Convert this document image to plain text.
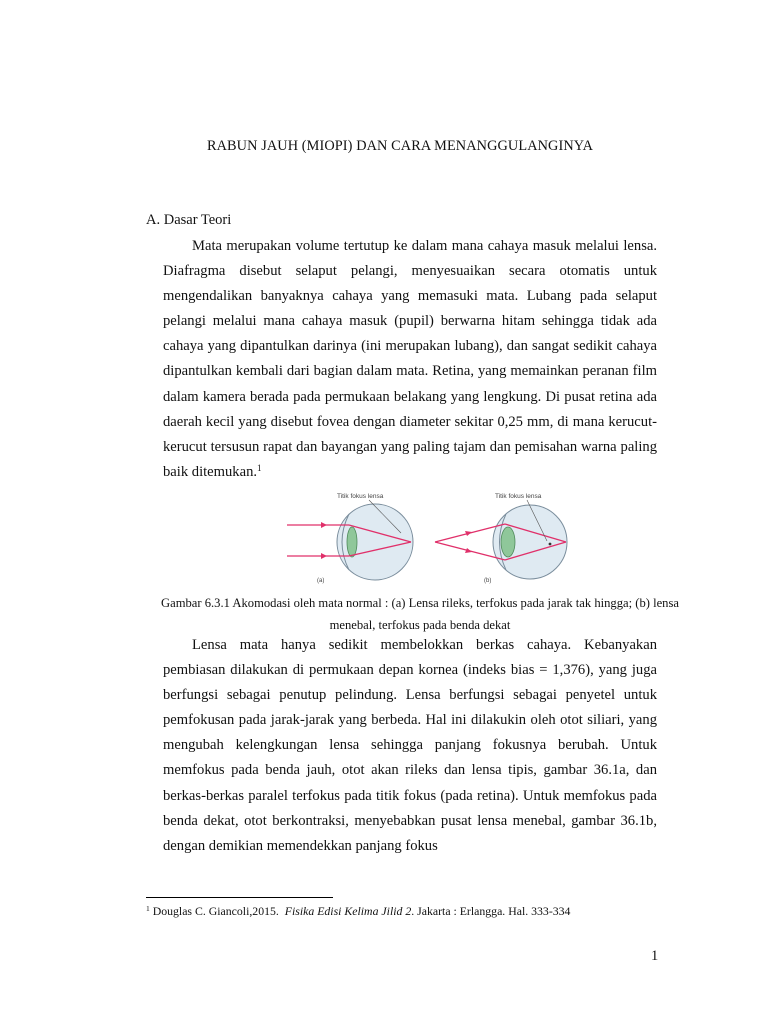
RABUN JAUH (MIOPI) DAN CARA MENANGGULANGINYA
A. Dasar Teori

Mata merupakan volume tertutup ke dalam mana cahaya masuk melalui lensa. Diafragma disebut selaput pelangi, menyesuaikan secara otomatis untuk mengendalikan banyaknya cahaya yang memasuki mata. Lubang pada selaput pelangi melalui mana cahaya masuk (pupil) berwarna hitam sehingga tidak ada cahaya yang dipantulkan darinya (ini merupakan lubang), dan sangat sedikit cahaya dipantulkan kembali dari bagian dalam mata. Retina, yang memainkan peranan film dalam kamera berada pada permukaan belakang yang lengkung. Di pusat retina ada daerah kecil yang disebut fovea dengan diameter sekitar 0,25 mm, di mana kerucut-kerucut tersusun rapat dan bayangan yang paling tajam dan pemisahan warna paling baik ditemukan.$^1$

Titik fokus lensa
(a)
Titik fokus lensa
(b)
Gambar 6.3.1 Akomodasi oleh mata normal : (a) Lensa rileks, terfokus pada jarak tak hingga; (b) lensa menebal, terfokus pada benda dekat

Lensa mata hanya sedikit membelokkan berkas cahaya. Kebanyakan pembiasan dilakukan di permukaan depan kornea (indeks bias = 1,376), yang juga berfungsi sebagai penutup pelindung. Lensa berfungsi sebagai penyetel untuk pemfokusan pada jarak-jarak yang berbeda. Hal ini dilakukin oleh otot siliari, yang mengubah kelengkungan lensa sehingga panjang fokusnya berubah. Untuk memfokus pada benda jauh, otot akan rileks dan lensa tipis, gambar 36.1a, dan berkas-berkas paralel terfokus pada titik fokus (pada retina). Untuk memfokus pada benda dekat, otot berkontraksi, menyebabkan pusat lensa menebal, gambar 36.1b, dengan demikian memendekkan panjang fokus

$^1$ Douglas C. Giancoli,2015. Fisika Edisi Kelima Jilid 2. Jakarta : Erlangga. Hal. 333-334
1
